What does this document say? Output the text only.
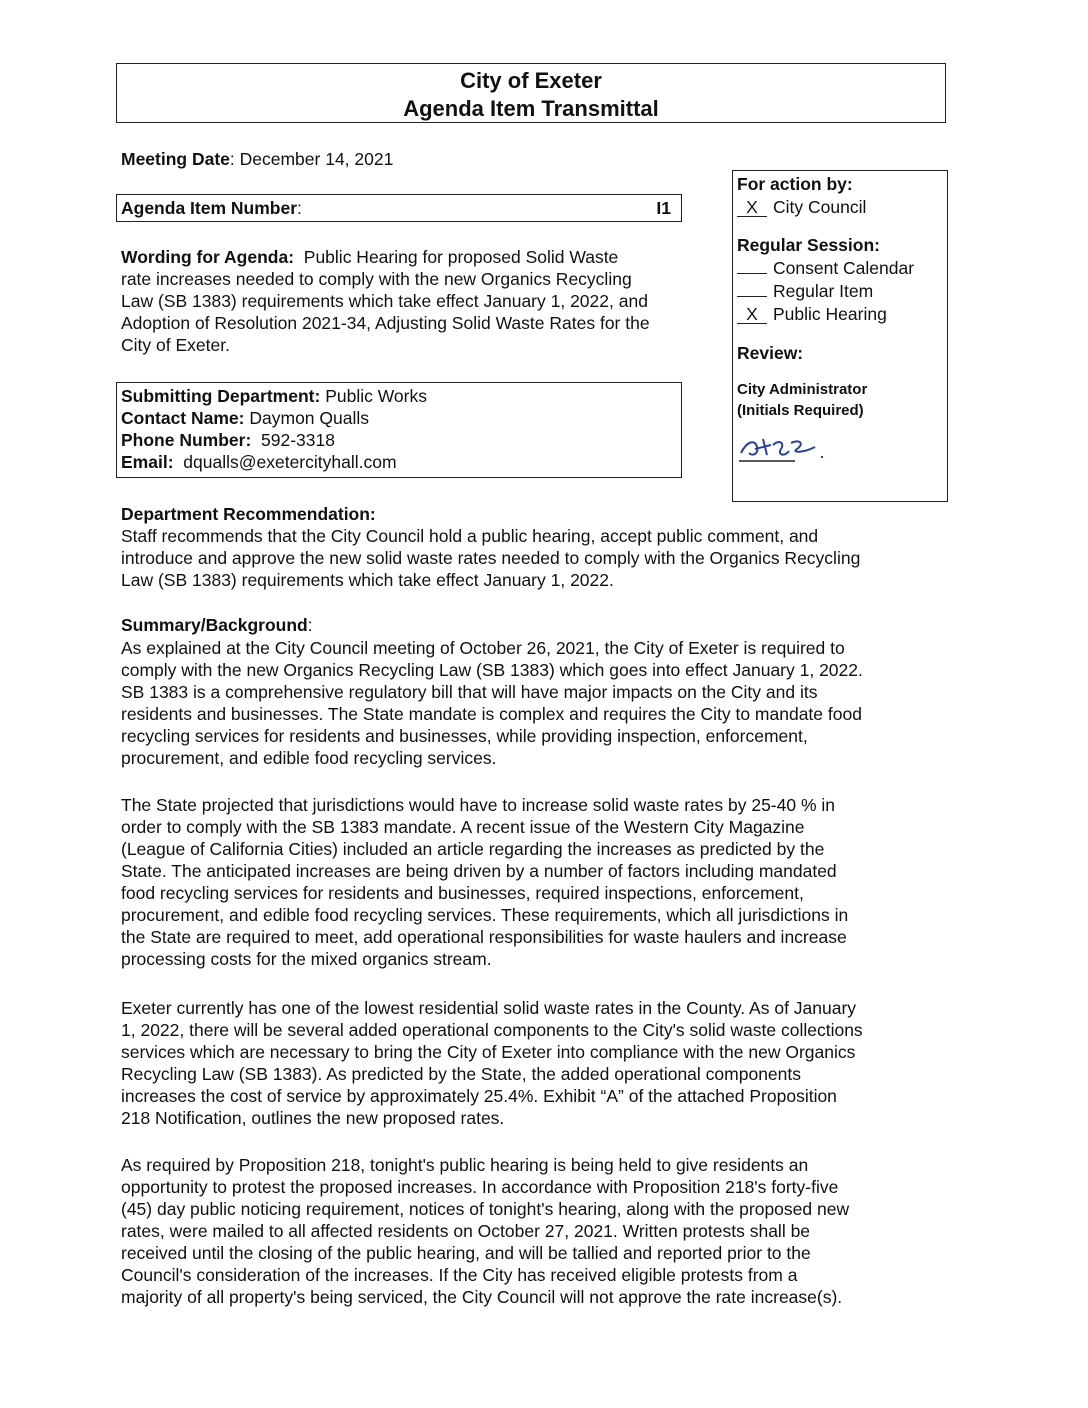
City of Exeter
Agenda Item Transmittal
Meeting Date: December 14, 2021
Agenda Item Number:	I1
Wording for Agenda: Public Hearing for proposed Solid Waste
rate increases needed to comply with the new Organics Recycling
Law (SB 1383) requirements which take effect January 1, 2022, and
Adoption of Resolution 2021-34, Adjusting Solid Waste Rates for the
City of Exeter.
Submitting Department: Public Works
Contact Name: Daymon Qualls
Phone Number: 592-3318
Email: dqualls@exetercityhall.com
For action by:
X City Council
Regular Session:
Consent Calendar
Regular Item
X Public Hearing
Review:
City Administrator
(Initials Required)
Department Recommendation:
Staff recommends that the City Council hold a public hearing, accept public comment, and
introduce and approve the new solid waste rates needed to comply with the Organics Recycling
Law (SB 1383) requirements which take effect January 1, 2022.
Summary/Background:
As explained at the City Council meeting of October 26, 2021, the City of Exeter is required to
comply with the new Organics Recycling Law (SB 1383) which goes into effect January 1, 2022.
SB 1383 is a comprehensive regulatory bill that will have major impacts on the City and its
residents and businesses. The State mandate is complex and requires the City to mandate food
recycling services for residents and businesses, while providing inspection, enforcement,
procurement, and edible food recycling services.
The State projected that jurisdictions would have to increase solid waste rates by 25-40 % in
order to comply with the SB 1383 mandate. A recent issue of the Western City Magazine
(League of California Cities) included an article regarding the increases as predicted by the
State. The anticipated increases are being driven by a number of factors including mandated
food recycling services for residents and businesses, required inspections, enforcement,
procurement, and edible food recycling services. These requirements, which all jurisdictions in
the State are required to meet, add operational responsibilities for waste haulers and increase
processing costs for the mixed organics stream.
Exeter currently has one of the lowest residential solid waste rates in the County. As of January
1, 2022, there will be several added operational components to the City's solid waste collections
services which are necessary to bring the City of Exeter into compliance with the new Organics
Recycling Law (SB 1383). As predicted by the State, the added operational components
increases the cost of service by approximately 25.4%. Exhibit “A” of the attached Proposition
218 Notification, outlines the new proposed rates.
As required by Proposition 218, tonight's public hearing is being held to give residents an
opportunity to protest the proposed increases. In accordance with Proposition 218's forty-five
(45) day public noticing requirement, notices of tonight's hearing, along with the proposed new
rates, were mailed to all affected residents on October 27, 2021. Written protests shall be
received until the closing of the public hearing, and will be tallied and reported prior to the
Council's consideration of the increases. If the City has received eligible protests from a
majority of all property's being serviced, the City Council will not approve the rate increase(s).
